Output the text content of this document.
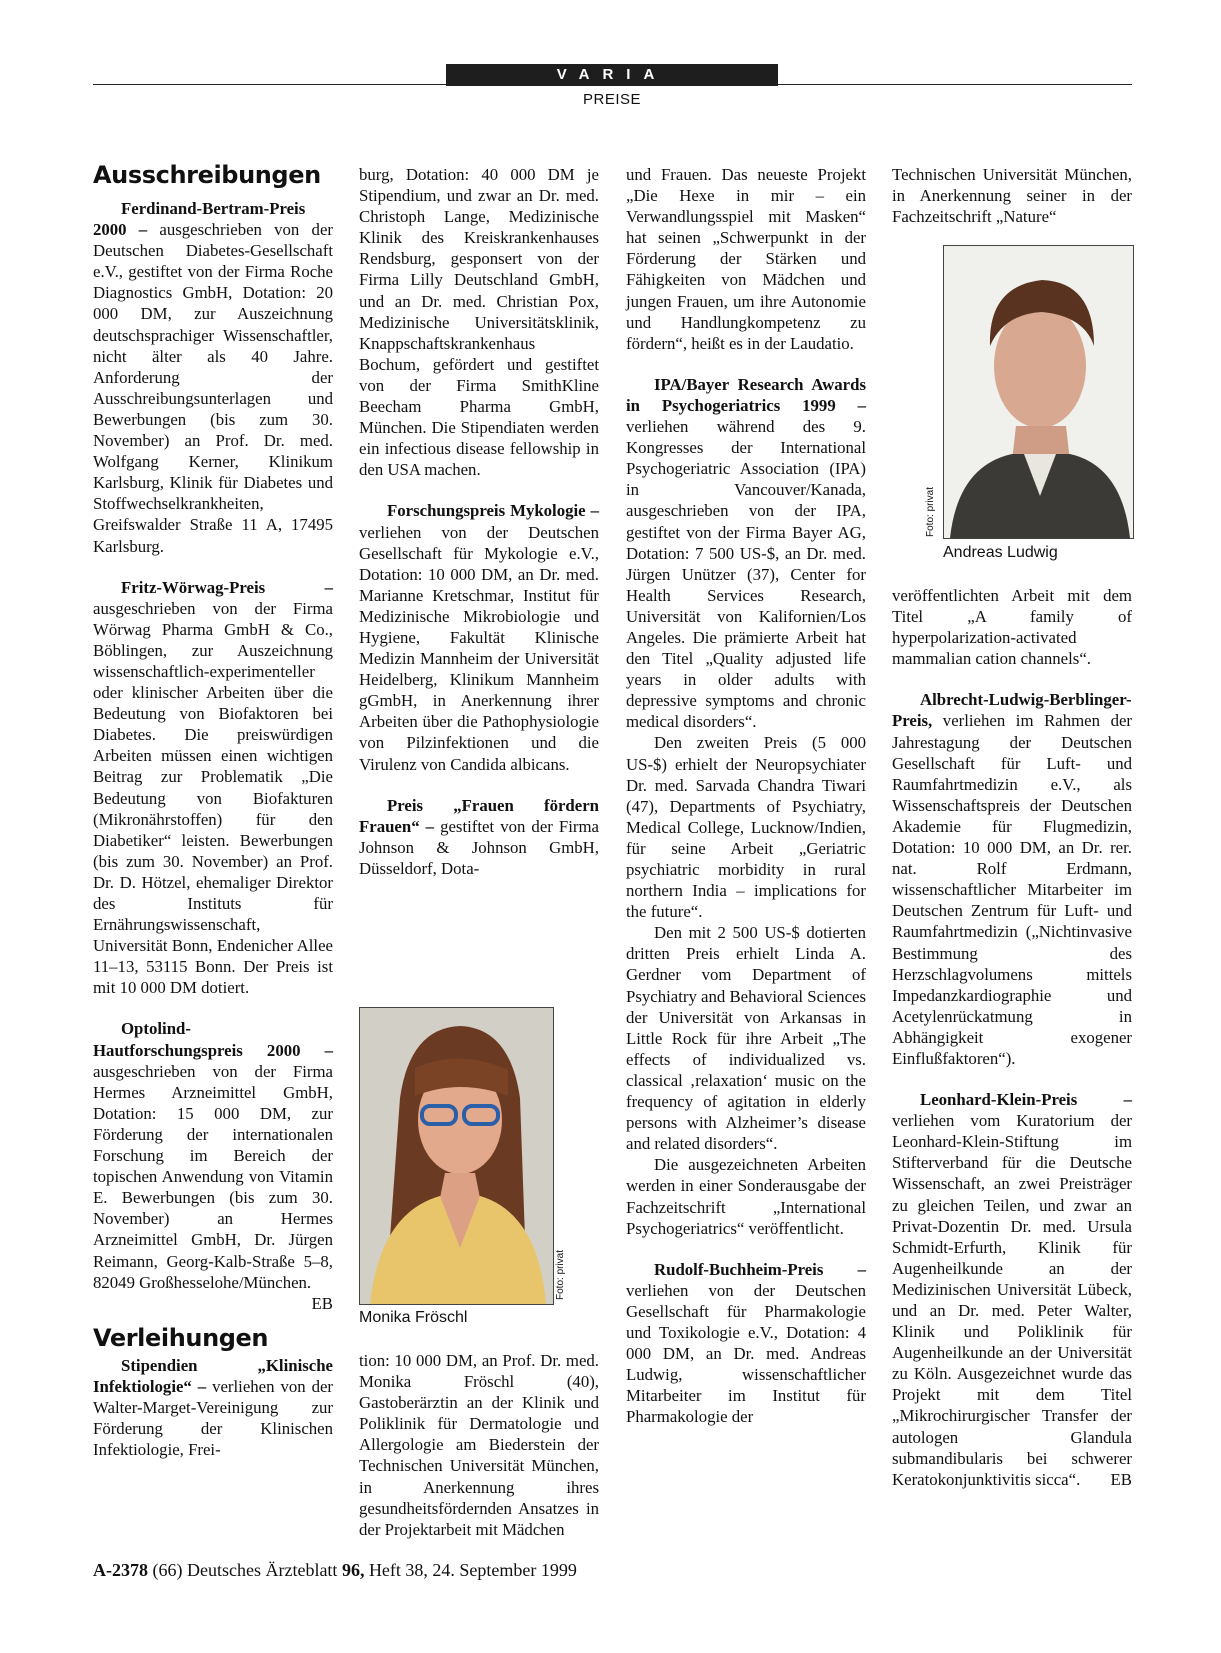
VARIA
PREISE
Ausschreibungen

Ferdinand-Bertram-Preis 2000 – ausgeschrieben von der Deutschen Diabetes-Gesellschaft e.V., gestiftet von der Firma Roche Diagnostics GmbH, Dotation: 20 000 DM, zur Auszeichnung deutschsprachiger Wissenschaftler, nicht älter als 40 Jahre. Anforderung der Ausschreibungsunterlagen und Bewerbungen (bis zum 30. November) an Prof. Dr. med. Wolfgang Kerner, Klinikum Karlsburg, Klinik für Diabetes und Stoffwechselkrankheiten, Greifswalder Straße 11 A, 17495 Karlsburg.

Fritz-Wörwag-Preis – ausgeschrieben von der Firma Wörwag Pharma GmbH & Co., Böblingen, zur Auszeichnung wissenschaftlich-experimenteller oder klinischer Arbeiten über die Bedeutung von Biofaktoren bei Diabetes. Die preiswürdigen Arbeiten müssen einen wichtigen Beitrag zur Problematik „Die Bedeutung von Biofakturen (Mikronährstoffen) für den Diabetiker“ leisten. Bewerbungen (bis zum 30. November) an Prof. Dr. D. Hötzel, ehemaliger Direktor des Instituts für Ernährungswissenschaft, Universität Bonn, Endenicher Allee 11–13, 53115 Bonn. Der Preis ist mit 10 000 DM dotiert.

Optolind-Hautforschungspreis 2000 – ausgeschrieben von der Firma Hermes Arzneimittel GmbH, Dotation: 15 000 DM, zur Förderung der internationalen Forschung im Bereich der topischen Anwendung von Vitamin E. Bewerbungen (bis zum 30. November) an Hermes Arzneimittel GmbH, Dr. Jürgen Reimann, Georg-Kalb-Straße 5–8, 82049 Großhesselohe/München.
EB

Verleihungen

Stipendien „Klinische Infektiologie“ – verliehen von der Walter-Marget-Vereinigung zur Förderung der Klinischen Infektiologie, Frei-

burg, Dotation: 40 000 DM je Stipendium, und zwar an Dr. med. Christoph Lange, Medizinische Klinik des Kreiskrankenhauses Rendsburg, gesponsert von der Firma Lilly Deutschland GmbH, und an Dr. med. Christian Pox, Medizinische Universitätsklinik, Knappschaftskrankenhaus Bochum, gefördert und gestiftet von der Firma SmithKline Beecham Pharma GmbH, München. Die Stipendiaten werden ein infectious disease fellowship in den USA machen.

Forschungspreis Mykologie – verliehen von der Deutschen Gesellschaft für Mykologie e.V., Dotation: 10 000 DM, an Dr. med. Marianne Kretschmar, Institut für Medizinische Mikrobiologie und Hygiene, Fakultät Klinische Medizin Mannheim der Universität Heidelberg, Klinikum Mannheim gGmbH, in Anerkennung ihrer Arbeiten über die Pathophysiologie von Pilzinfektionen und die Virulenz von Candida albicans.

Preis „Frauen fördern Frauen“ – gestiftet von der Firma Johnson & Johnson GmbH, Düsseldorf, Dota-

Foto: privat
Monika Fröschl

tion: 10 000 DM, an Prof. Dr. med. Monika Fröschl (40), Gastoberärztin an der Klinik und Poliklinik für Dermatologie und Allergologie am Biederstein der Technischen Universität München, in Anerkennung ihres gesundheitsfördernden Ansatzes in der Projektarbeit mit Mädchen

und Frauen. Das neueste Projekt „Die Hexe in mir – ein Verwandlungsspiel mit Masken“ hat seinen „Schwerpunkt in der Förderung der Stärken und Fähigkeiten von Mädchen und jungen Frauen, um ihre Autonomie und Handlungkompetenz zu fördern“, heißt es in der Laudatio.

IPA/Bayer Research Awards in Psychogeriatrics 1999 – verliehen während des 9. Kongresses der International Psychogeriatric Association (IPA) in Vancouver/Kanada, ausgeschrieben von der IPA, gestiftet von der Firma Bayer AG, Dotation: 7 500 US-$, an Dr. med. Jürgen Unützer (37), Center for Health Services Research, Universität von Kalifornien/Los Angeles. Die prämierte Arbeit hat den Titel „Quality adjusted life years in older adults with depressive symptoms and chronic medical disorders“.

Den zweiten Preis (5 000 US-$) erhielt der Neuropsychiater Dr. med. Sarvada Chandra Tiwari (47), Departments of Psychiatry, Medical College, Lucknow/Indien, für seine Arbeit „Geriatric psychiatric morbidity in rural northern India – implications for the future“.

Den mit 2 500 US-$ dotierten dritten Preis erhielt Linda A. Gerdner vom Department of Psychiatry and Behavioral Sciences der Universität von Arkansas in Little Rock für ihre Arbeit „The effects of individualized vs. classical ‚relaxation‘ music on the frequency of agitation in elderly persons with Alzheimer’s disease and related disorders“.

Die ausgezeichneten Arbeiten werden in einer Sonderausgabe der Fachzeitschrift „International Psychogeriatrics“ veröffentlicht.

Rudolf-Buchheim-Preis – verliehen von der Deutschen Gesellschaft für Pharmakologie und Toxikologie e.V., Dotation: 4 000 DM, an Dr. med. Andreas Ludwig, wissenschaftlicher Mitarbeiter im Institut für Pharmakologie der

Technischen Universität München, in Anerkennung seiner in der Fachzeitschrift „Nature“

Foto: privat
Andreas Ludwig

veröffentlichten Arbeit mit dem Titel „A family of hyperpolarization-activated mammalian cation channels“.

Albrecht-Ludwig-Berblinger-Preis, verliehen im Rahmen der Jahrestagung der Deutschen Gesellschaft für Luft- und Raumfahrtmedizin e.V., als Wissenschaftspreis der Deutschen Akademie für Flugmedizin, Dotation: 10 000 DM, an Dr. rer. nat. Rolf Erdmann, wissenschaftlicher Mitarbeiter im Deutschen Zentrum für Luft- und Raumfahrtmedizin („Nichtinvasive Bestimmung des Herzschlagvolumens mittels Impedanzkardiographie und Acetylenrückatmung in Abhängigkeit exogener Einflußfaktoren“).

Leonhard-Klein-Preis – verliehen vom Kuratorium der Leonhard-Klein-Stiftung im Stifterverband für die Deutsche Wissenschaft, an zwei Preisträger zu gleichen Teilen, und zwar an Privat-Dozentin Dr. med. Ursula Schmidt-Erfurth, Klinik für Augenheilkunde an der Medizinischen Universität Lübeck, und an Dr. med. Peter Walter, Klinik und Poliklinik für Augenheilkunde an der Universität zu Köln. Ausgezeichnet wurde das Projekt mit dem Titel „Mikrochirurgischer Transfer der autologen Glandula submandibularis bei schwerer Keratokonjunktivitis sicca“.	EB

A-2378 (66) Deutsches Ärzteblatt 96, Heft 38, 24. September 1999
